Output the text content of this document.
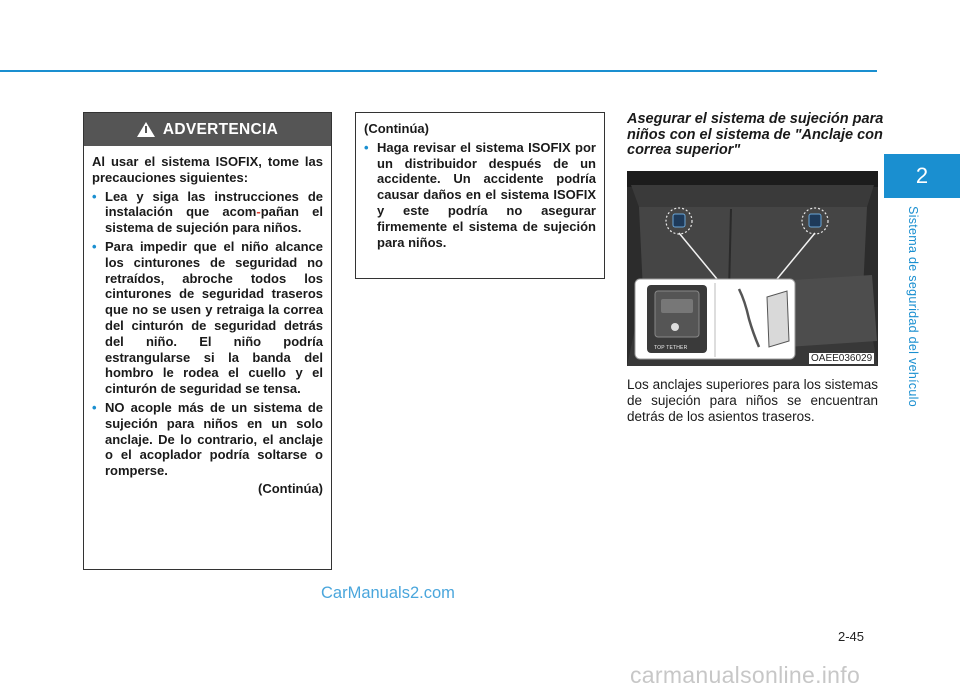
2
Sistema de seguridad del vehículo
ADVERTENCIA
Al usar el sistema ISOFIX, tome las precauciones siguientes:
• Lea y siga las instrucciones de instalación que acom-pañan el sistema de sujeción para niños.
• Para impedir que el niño alcance los cinturones de seguridad no retraídos, abroche todos los cinturones de seguridad traseros que no se usen y retraiga la correa del cinturón de seguridad detrás del niño. El niño podría estrangularse si la banda del hombro le rodea el cuello y el cinturón de seguridad se tensa.
• NO acople más de un sistema de sujeción para niños en un solo anclaje. De lo contrario, el anclaje o el acoplador podría soltarse o romperse.
(Continúa)
(Continúa)
• Haga revisar el sistema ISOFIX por un distribuidor después de un accidente. Un accidente podría causar daños en el sistema ISOFIX y este podría no asegurar firmemente el sistema de sujeción para niños.
Asegurar el sistema de sujeción para niños con el sistema de "Anclaje con correa superior"
TOP TETHER
OAEE036029
Los anclajes superiores para los sistemas de sujeción para niños se encuentran detrás de los asientos traseros.
CarManuals2.com
2-45
carmanualsonline.info
